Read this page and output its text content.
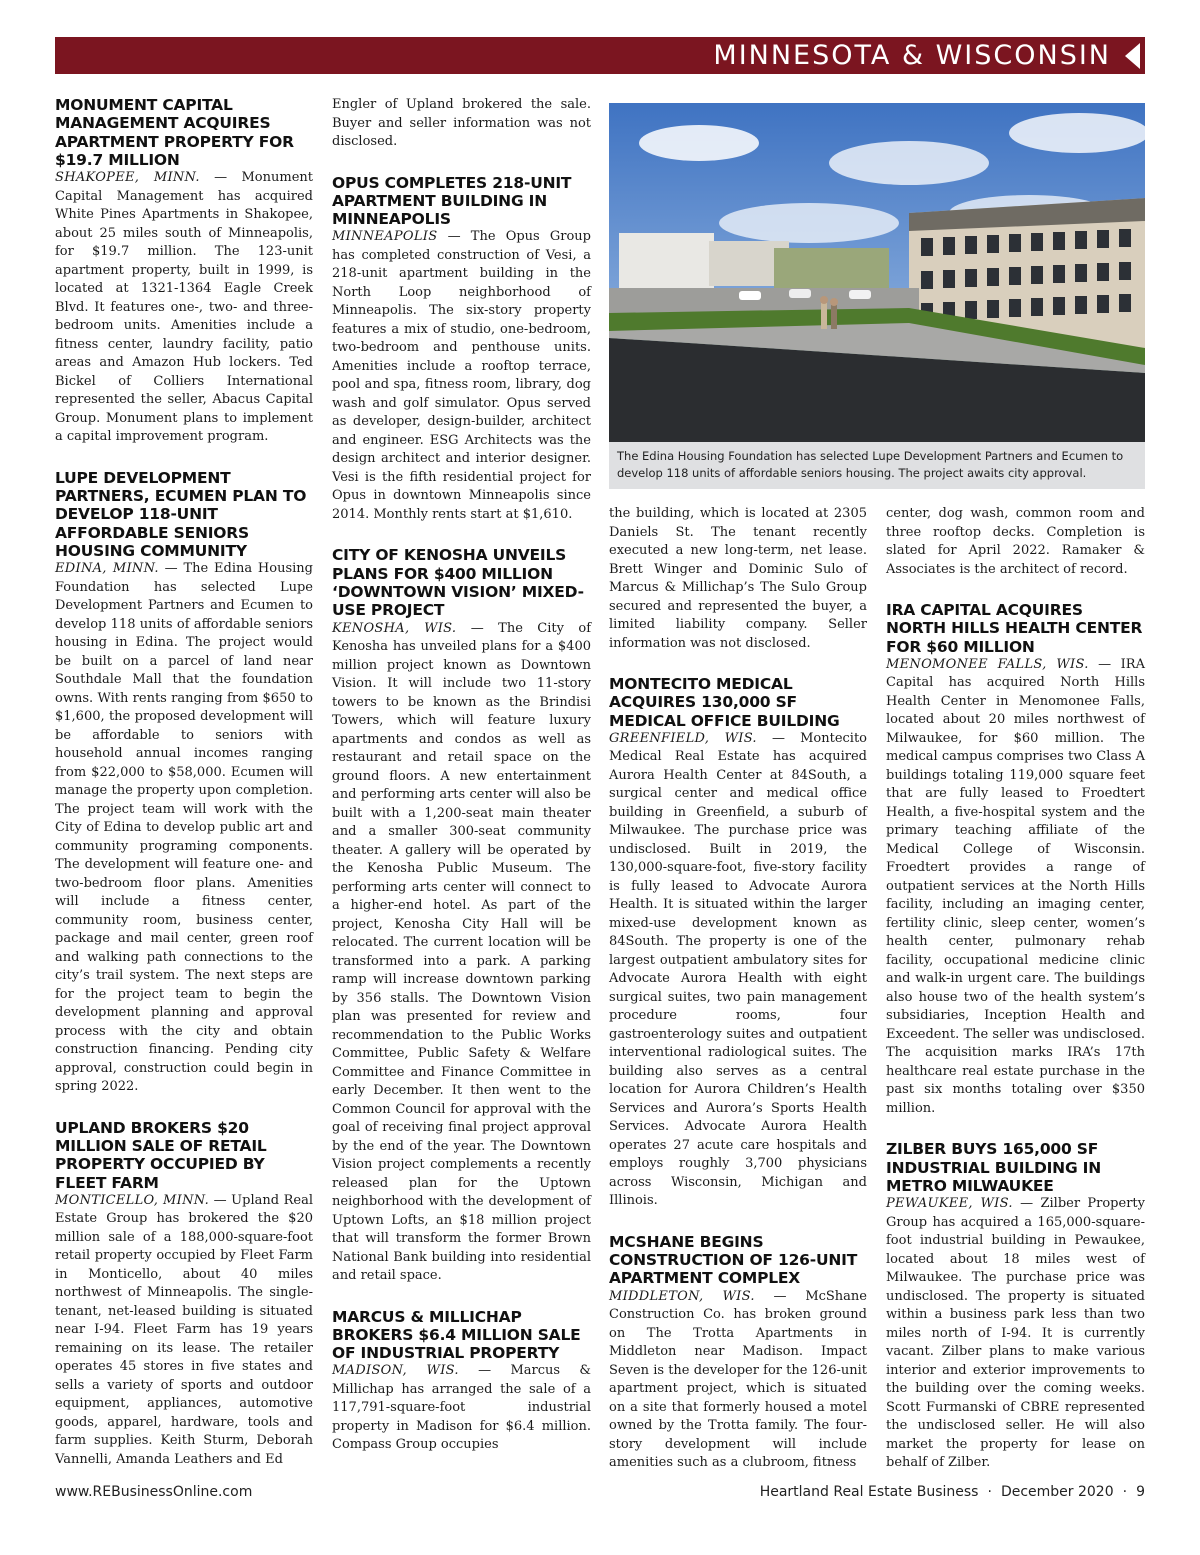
MINNESOTA & WISCONSIN
MONUMENT CAPITAL MANAGEMENT ACQUIRES APARTMENT PROPERTY FOR $19.7 MILLION

SHAKOPEE, MINN. — Monument Capital Management has acquired White Pines Apartments in Shakopee, about 25 miles south of Minneapolis, for $19.7 million. The 123-unit apartment property, built in 1999, is located at 1321-1364 Eagle Creek Blvd. It features one-, two- and three-bedroom units. Amenities include a fitness center, laundry facility, patio areas and Amazon Hub lockers. Ted Bickel of Colliers International represented the seller, Abacus Capital Group. Monument plans to implement a capital improvement program.

LUPE DEVELOPMENT PARTNERS, ECUMEN PLAN TO DEVELOP 118-UNIT AFFORDABLE SENIORS HOUSING COMMUNITY

EDINA, MINN. — The Edina Housing Foundation has selected Lupe Development Partners and Ecumen to develop 118 units of affordable seniors housing in Edina. The project would be built on a parcel of land near Southdale Mall that the foundation owns. With rents ranging from $650 to $1,600, the proposed development will be affordable to seniors with household annual incomes ranging from $22,000 to $58,000. Ecumen will manage the property upon completion. The project team will work with the City of Edina to develop public art and community programing components. The development will feature one- and two-bedroom floor plans. Amenities will include a fitness center, community room, business center, package and mail center, green roof and walking path connections to the city’s trail system. The next steps are for the project team to begin the development planning and approval process with the city and obtain construction financing. Pending city approval, construction could begin in spring 2022.

UPLAND BROKERS $20 MILLION SALE OF RETAIL PROPERTY OCCUPIED BY FLEET FARM

MONTICELLO, MINN. — Upland Real Estate Group has brokered the $20 million sale of a 188,000-square-foot retail property occupied by Fleet Farm in Monticello, about 40 miles northwest of Minneapolis. The single-tenant, net-leased building is situated near I-94. Fleet Farm has 19 years remaining on its lease. The retailer operates 45 stores in five states and sells a variety of sports and outdoor equipment, appliances, automotive goods, apparel, hardware, tools and farm supplies. Keith Sturm, Deborah Vannelli, Amanda Leathers and Ed

Engler of Upland brokered the sale. Buyer and seller information was not disclosed.

OPUS COMPLETES 218-UNIT APARTMENT BUILDING IN MINNEAPOLIS

MINNEAPOLIS — The Opus Group has completed construction of Vesi, a 218-unit apartment building in the North Loop neighborhood of Minneapolis. The six-story property features a mix of studio, one-bedroom, two-bedroom and penthouse units. Amenities include a rooftop terrace, pool and spa, fitness room, library, dog wash and golf simulator. Opus served as developer, design-builder, architect and engineer. ESG Architects was the design architect and interior designer. Vesi is the fifth residential project for Opus in downtown Minneapolis since 2014. Monthly rents start at $1,610.

CITY OF KENOSHA UNVEILS PLANS FOR $400 MILLION ‘DOWNTOWN VISION’ MIXED-USE PROJECT

KENOSHA, WIS. — The City of Kenosha has unveiled plans for a $400 million project known as Downtown Vision. It will include two 11-story towers to be known as the Brindisi Towers, which will feature luxury apartments and condos as well as restaurant and retail space on the ground floors. A new entertainment and performing arts center will also be built with a 1,200-seat main theater and a smaller 300-seat community theater. A gallery will be operated by the Kenosha Public Museum. The performing arts center will connect to a higher-end hotel. As part of the project, Kenosha City Hall will be relocated. The current location will be transformed into a park. A parking ramp will increase downtown parking by 356 stalls. The Downtown Vision plan was presented for review and recommendation to the Public Works Committee, Public Safety & Welfare Committee and Finance Committee in early December. It then went to the Common Council for approval with the goal of receiving final project approval by the end of the year. The Downtown Vision project complements a recently released plan for the Uptown neighborhood with the development of Uptown Lofts, an $18 million project that will transform the former Brown National Bank building into residential and retail space.

MARCUS & MILLICHAP BROKERS $6.4 MILLION SALE OF INDUSTRIAL PROPERTY

MADISON, WIS. — Marcus & Millichap has arranged the sale of a 117,791-square-foot industrial property in Madison for $6.4 million. Compass Group occupies

The Edina Housing Foundation has selected Lupe Development Partners and Ecumen to develop 118 units of affordable seniors housing. The project awaits city approval.

the building, which is located at 2305 Daniels St. The tenant recently executed a new long-term, net lease. Brett Winger and Dominic Sulo of Marcus & Millichap’s The Sulo Group secured and represented the buyer, a limited liability company. Seller information was not disclosed.

MONTECITO MEDICAL ACQUIRES 130,000 SF MEDICAL OFFICE BUILDING

GREENFIELD, WIS. — Montecito Medical Real Estate has acquired Aurora Health Center at 84South, a surgical center and medical office building in Greenfield, a suburb of Milwaukee. The purchase price was undisclosed. Built in 2019, the 130,000-square-foot, five-story facility is fully leased to Advocate Aurora Health. It is situated within the larger mixed-use development known as 84South. The property is one of the largest outpatient ambulatory sites for Advocate Aurora Health with eight surgical suites, two pain management procedure rooms, four gastroenterology suites and outpatient interventional radiological suites. The building also serves as a central location for Aurora Children’s Health Services and Aurora’s Sports Health Services. Advocate Aurora Health operates 27 acute care hospitals and employs roughly 3,700 physicians across Wisconsin, Michigan and Illinois.

MCSHANE BEGINS CONSTRUCTION OF 126-UNIT APARTMENT COMPLEX

MIDDLETON, WIS. — McShane Construction Co. has broken ground on The Trotta Apartments in Middleton near Madison. Impact Seven is the developer for the 126-unit apartment project, which is situated on a site that formerly housed a motel owned by the Trotta family. The four-story development will include amenities such as a clubroom, fitness

center, dog wash, common room and three rooftop decks. Completion is slated for April 2022. Ramaker & Associates is the architect of record.

IRA CAPITAL ACQUIRES NORTH HILLS HEALTH CENTER FOR $60 MILLION

MENOMONEE FALLS, WIS. — IRA Capital has acquired North Hills Health Center in Menomonee Falls, located about 20 miles northwest of Milwaukee, for $60 million. The medical campus comprises two Class A buildings totaling 119,000 square feet that are fully leased to Froedtert Health, a five-hospital system and the primary teaching affiliate of the Medical College of Wisconsin. Froedtert provides a range of outpatient services at the North Hills facility, including an imaging center, fertility clinic, sleep center, women’s health center, pulmonary rehab facility, occupational medicine clinic and walk-in urgent care. The buildings also house two of the health system’s subsidiaries, Inception Health and Exceedent. The seller was undisclosed. The acquisition marks IRA’s 17th healthcare real estate purchase in the past six months totaling over $350 million.

ZILBER BUYS 165,000 SF INDUSTRIAL BUILDING IN METRO MILWAUKEE

PEWAUKEE, WIS. — Zilber Property Group has acquired a 165,000-square-foot industrial building in Pewaukee, located about 18 miles west of Milwaukee. The purchase price was undisclosed. The property is situated within a business park less than two miles north of I-94. It is currently vacant. Zilber plans to make various interior and exterior improvements to the building over the coming weeks. Scott Furmanski of CBRE represented the undisclosed seller. He will also market the property for lease on behalf of Zilber.

www.REBusinessOnline.com	Heartland Real Estate Business · December 2020 · 9
